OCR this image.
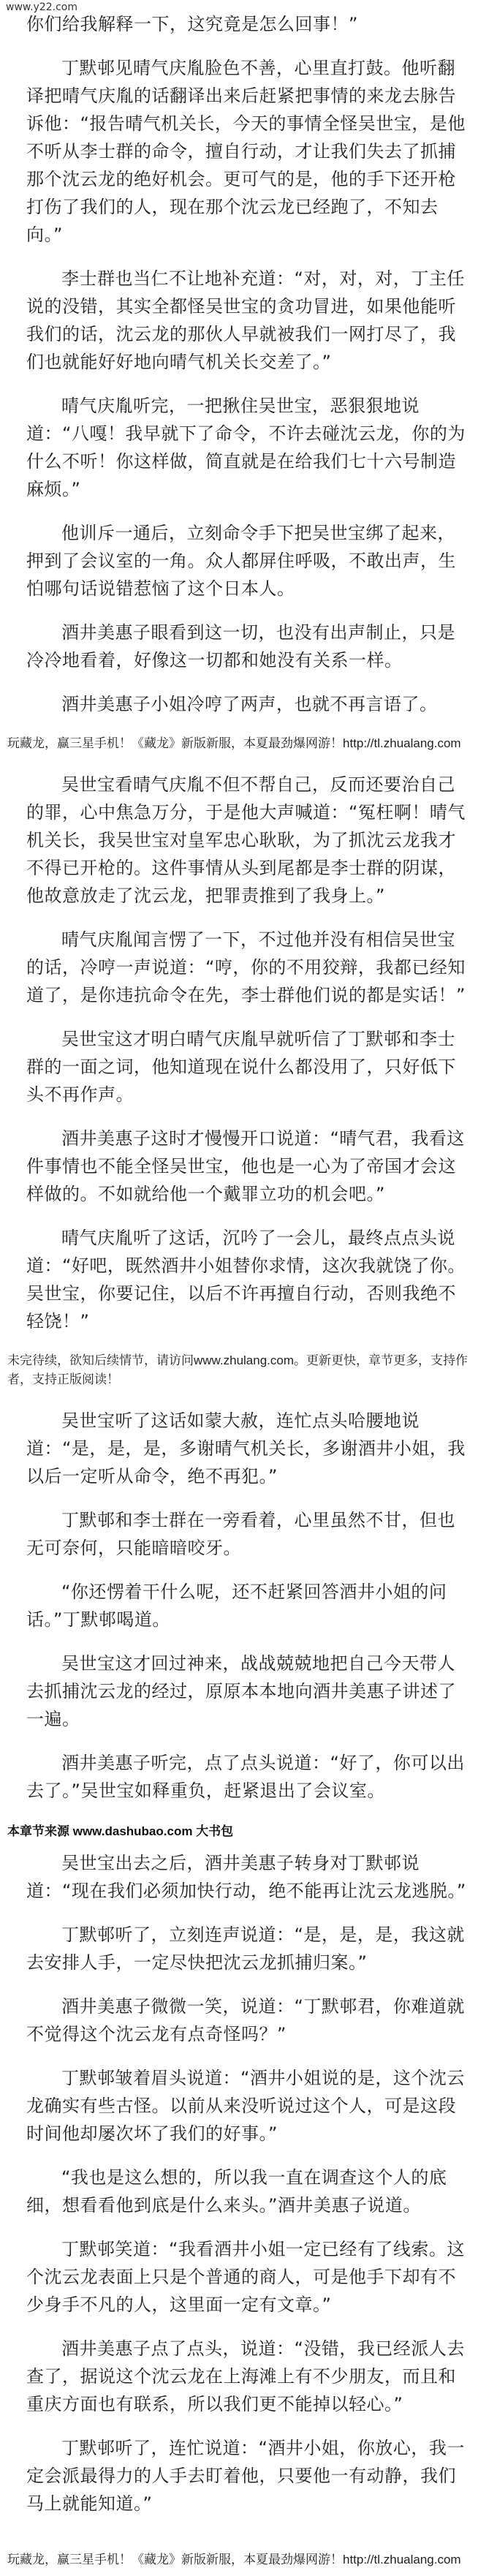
www.y22.com

你们给我解释一下，这究竟是怎么回事！”

丁默邨见晴气庆胤脸色不善，心里直打鼓。他听翻译把晴气庆胤的话翻译出来后赶紧把事情的来龙去脉告诉他：“报告晴气机关长，今天的事情全怪吴世宝，是他不听从李士群的命令，擅自行动，才让我们失去了抓捕那个沈云龙的绝好机会。更可气的是，他的手下还开枪打伤了我们的人，现在那个沈云龙已经跑了，不知去向。”

李士群也当仁不让地补充道：“对，对，对，丁主任说的没错，其实全都怪吴世宝的贪功冒进，如果他能听我们的话，沈云龙的那伙人早就被我们一网打尽了，我们也就能好好地向晴气机关长交差了。”

晴气庆胤听完，一把揪住吴世宝，恶狠狠地说道：“八嘎！我早就下了命令，不许去碰沈云龙，你的为什么不听！你这样做，简直就是在给我们七十六号制造麻烦。”

他训斥一通后，立刻命令手下把吴世宝绑了起来，押到了会议室的一角。众人都屏住呼吸，不敢出声，生怕哪句话说错惹恼了这个日本人。

酒井美惠子眼看到这一切，也没有出声制止，只是冷冷地看着，好像这一切都和她没有关系一样。

酒井美惠子小姐冷哼了两声，也就不再言语了。

玩藏龙，赢三星手机！《藏龙》新版新服，本夏最劲爆网游！http://tl.zhualang.com

吴世宝看晴气庆胤不但不帮自己，反而还要治自己的罪，心中焦急万分，于是他大声喊道：“冤枉啊！晴气机关长，我吴世宝对皇军忠心耿耿，为了抓沈云龙我才不得已开枪的。这件事情从头到尾都是李士群的阴谋，他故意放走了沈云龙，把罪责推到了我身上。”

晴气庆胤闻言愣了一下，不过他并没有相信吴世宝的话，冷哼一声说道：“哼，你的不用狡辩，我都已经知道了，是你违抗命令在先，李士群他们说的都是实话！”

吴世宝这才明白晴气庆胤早就听信了丁默邨和李士群的一面之词，他知道现在说什么都没用了，只好低下头不再作声。

酒井美惠子这时才慢慢开口说道：“晴气君，我看这件事情也不能全怪吴世宝，他也是一心为了帝国才会这样做的。不如就给他一个戴罪立功的机会吧。”

晴气庆胤听了这话，沉吟了一会儿，最终点点头说道：“好吧，既然酒井小姐替你求情，这次我就饶了你。吴世宝，你要记住，以后不许再擅自行动，否则我绝不轻饶！”

未完待续，欲知后续情节，请访问www.zhulang.com。更新更快，章节更多，支持作者，支持正版阅读！

吴世宝听了这话如蒙大赦，连忙点头哈腰地说道：“是，是，是，多谢晴气机关长，多谢酒井小姐，我以后一定听从命令，绝不再犯。”

丁默邨和李士群在一旁看着，心里虽然不甘，但也无可奈何，只能暗暗咬牙。

“你还愣着干什么呢，还不赶紧回答酒井小姐的问话。”丁默邨喝道。

吴世宝这才回过神来，战战兢兢地把自己今天带人去抓捕沈云龙的经过，原原本本地向酒井美惠子讲述了一遍。

酒井美惠子听完，点了点头说道：“好了，你可以出去了。”吴世宝如释重负，赶紧退出了会议室。

本章节来源 www.dashubao.com 大书包

吴世宝出去之后，酒井美惠子转身对丁默邨说道：“现在我们必须加快行动，绝不能再让沈云龙逃脱。”

丁默邨听了，立刻连声说道：“是，是，是，我这就去安排人手，一定尽快把沈云龙抓捕归案。”

酒井美惠子微微一笑，说道：“丁默邨君，你难道就不觉得这个沈云龙有点奇怪吗？”

丁默邨皱着眉头说道：“酒井小姐说的是，这个沈云龙确实有些古怪。以前从来没听说过这个人，可是这段时间他却屡次坏了我们的好事。”

“我也是这么想的，所以我一直在调查这个人的底细，想看看他到底是什么来头。”酒井美惠子说道。

丁默邨笑道：“我看酒井小姐一定已经有了线索。这个沈云龙表面上只是个普通的商人，可是他手下却有不少身手不凡的人，这里面一定有文章。”

酒井美惠子点了点头，说道：“没错，我已经派人去查了，据说这个沈云龙在上海滩上有不少朋友，而且和重庆方面也有联系，所以我们更不能掉以轻心。”

丁默邨听了，连忙说道：“酒井小姐，你放心，我一定会派最得力的人手去盯着他，只要他一有动静，我们马上就能知道。”

玩藏龙，赢三星手机！《藏龙》新版新服，本夏最劲爆网游！http://tl.zhualang.com
